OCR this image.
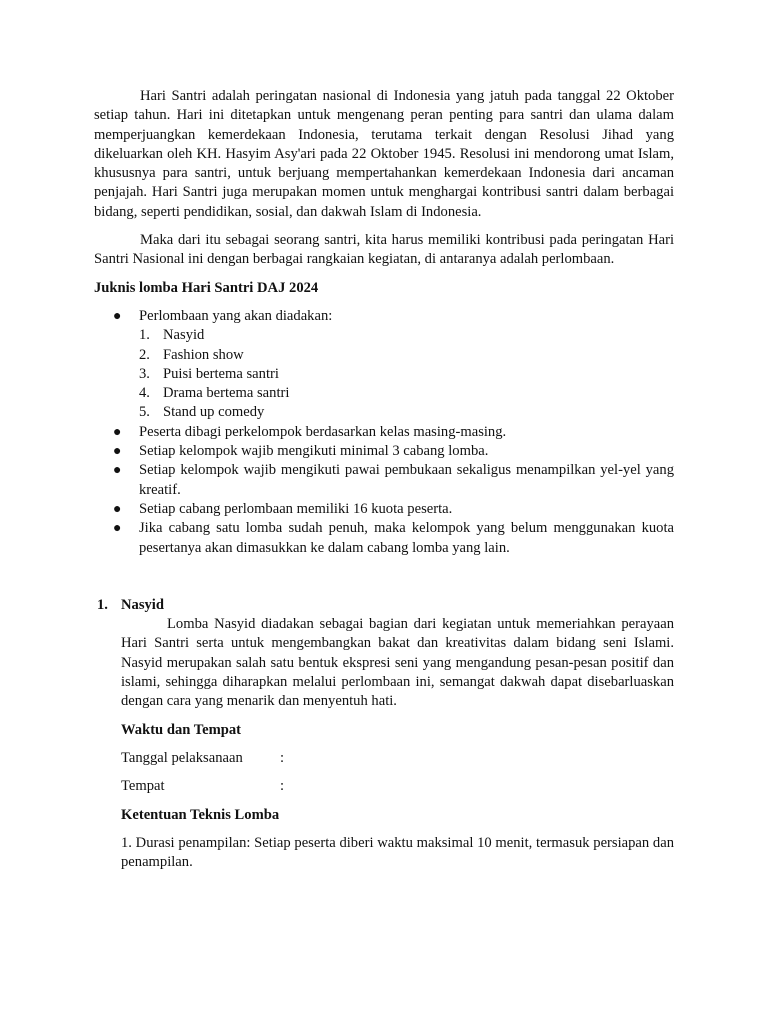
Hari Santri adalah peringatan nasional di Indonesia yang jatuh pada tanggal 22 Oktober setiap tahun. Hari ini ditetapkan untuk mengenang peran penting para santri dan ulama dalam memperjuangkan kemerdekaan Indonesia, terutama terkait dengan Resolusi Jihad yang dikeluarkan oleh KH. Hasyim Asy'ari pada 22 Oktober 1945. Resolusi ini mendorong umat Islam, khususnya para santri, untuk berjuang mempertahankan kemerdekaan Indonesia dari ancaman penjajah. Hari Santri juga merupakan momen untuk menghargai kontribusi santri dalam berbagai bidang, seperti pendidikan, sosial, dan dakwah Islam di Indonesia.

Maka dari itu sebagai seorang santri, kita harus memiliki kontribusi pada peringatan Hari Santri Nasional ini dengan berbagai rangkaian kegiatan, di antaranya adalah perlombaan.

Juknis lomba Hari Santri DAJ 2024

● Perlombaan yang akan diadakan:
1. Nasyid
2. Fashion show
3. Puisi bertema santri
4. Drama bertema santri
5. Stand up comedy
● Peserta dibagi perkelompok berdasarkan kelas masing-masing.
● Setiap kelompok wajib mengikuti minimal 3 cabang lomba.
● Setiap kelompok wajib mengikuti pawai pembukaan sekaligus menampilkan yel-yel yang kreatif.
● Setiap cabang perlombaan memiliki 16 kuota peserta.
● Jika cabang satu lomba sudah penuh, maka kelompok yang belum menggunakan kuota pesertanya akan dimasukkan ke dalam cabang lomba yang lain.
1. Nasyid

Lomba Nasyid diadakan sebagai bagian dari kegiatan untuk memeriahkan perayaan Hari Santri serta untuk mengembangkan bakat dan kreativitas dalam bidang seni Islami. Nasyid merupakan salah satu bentuk ekspresi seni yang mengandung pesan-pesan positif dan islami, sehingga diharapkan melalui perlombaan ini, semangat dakwah dapat disebarluaskan dengan cara yang menarik dan menyentuh hati.

Waktu dan Tempat

Tanggal pelaksanaan	:
Tempat	:

Ketentuan Teknis Lomba

1. Durasi penampilan: Setiap peserta diberi waktu maksimal 10 menit, termasuk persiapan dan penampilan.
